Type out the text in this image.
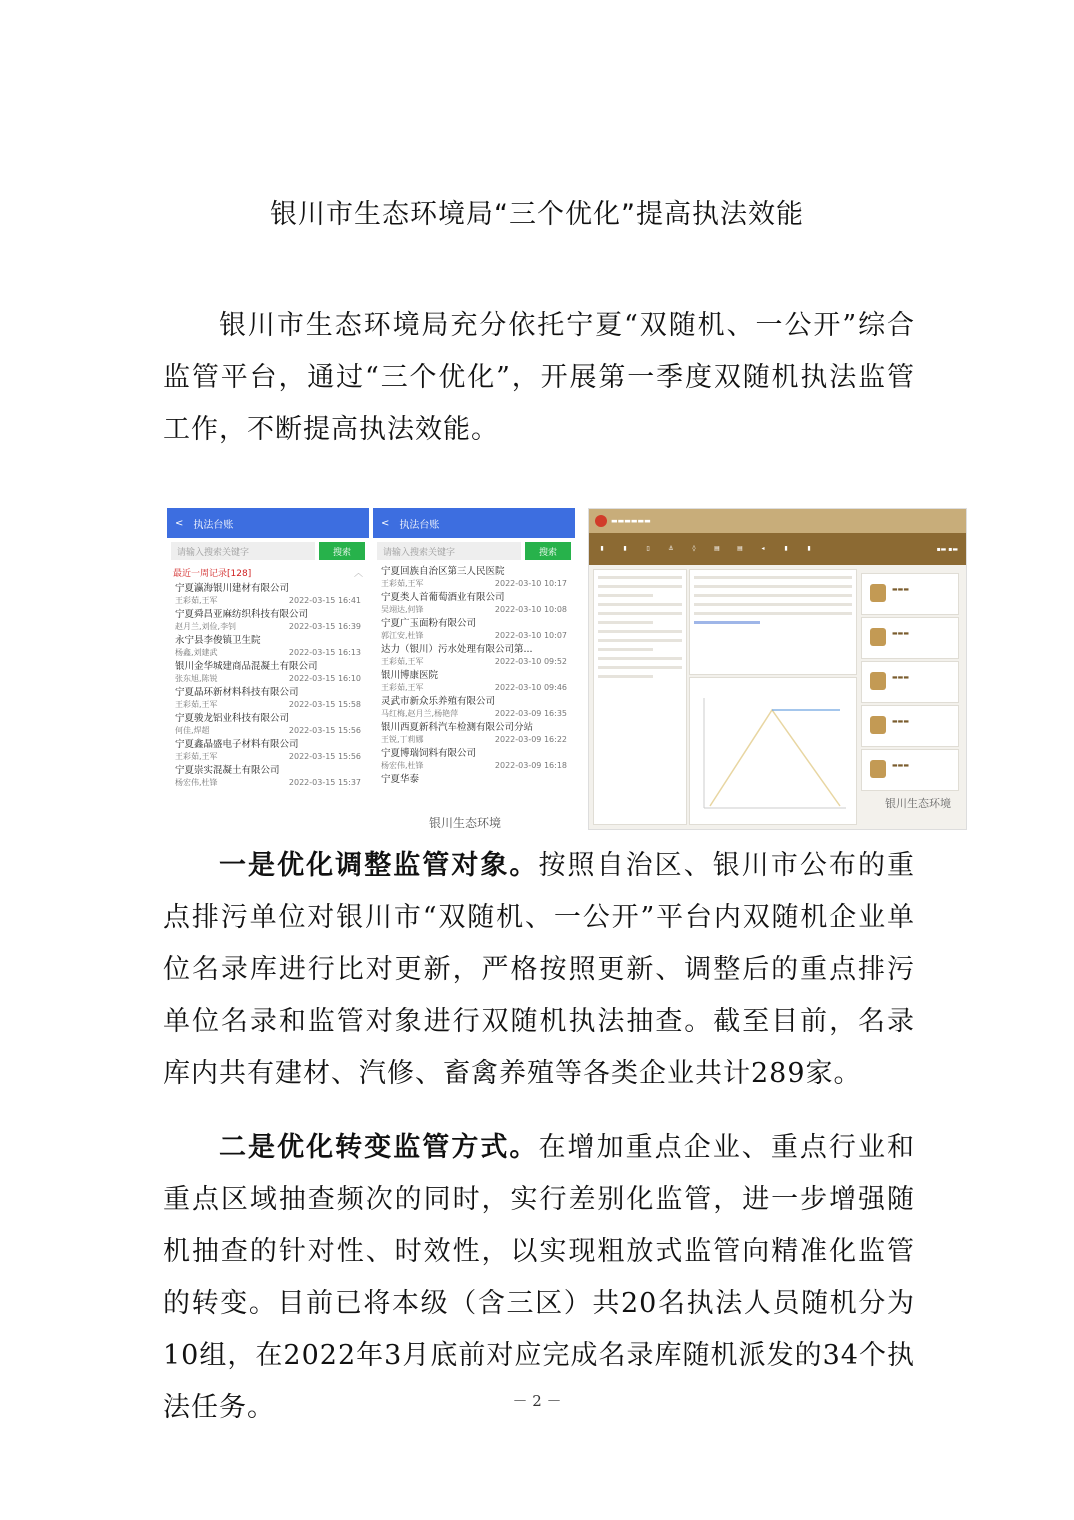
银川市生态环境局“三个优化”提高执法效能

银川市生态环境局充分依托宁夏“双随机、一公开”综合监管平台，通过“三个优化”，开展第一季度双随机执法监管工作，不断提高执法效能。

< 执法台账
请输入搜索关键字	搜索
最近一周记录[128]	︿
宁夏瀛海银川建材有限公司
王彩茹,王军	2022-03-15 16:41
宁夏舜昌亚麻纺织科技有限公司
赵月兰,刘俭,李钊	2022-03-15 16:39
永宁县李俊镇卫生院
杨鑫,刘建武	2022-03-15 16:13
银川金华城建商品混凝土有限公司
张东旭,陈锐	2022-03-15 16:10
宁夏晶环新材料科技有限公司
王彩茹,王军	2022-03-15 15:58
宁夏骏龙铝业科技有限公司
何佳,焊超	2022-03-15 15:56
宁夏鑫晶盛电子材料有限公司
王彩茹,王军	2022-03-15 15:56
宁夏崇实混凝土有限公司
杨宏伟,杜锋	2022-03-15 15:37
< 执法台账
请输入搜索关键字	搜索
宁夏回族自治区第三人民医院
王彩茹,王军	2022-03-10 10:17
宁夏类人首葡萄酒业有限公司
吴翊达,何锋	2022-03-10 10:08
宁夏广玉面粉有限公司
郭江安,杜锋	2022-03-10 10:07
达力（银川）污水处理有限公司第...
王彩茹,王军	2022-03-10 09:52
银川博康医院
王彩茹,王军	2022-03-10 09:46
灵武市新众乐养殖有限公司
马红梅,赵月兰,杨艳萍	2022-03-09 16:35
银川西夏新科汽车检测有限公司分站
王锐,丁莉娜	2022-03-09 16:22
宁夏博瑞饲料有限公司
杨宏伟,杜锋	2022-03-09 16:18
宁夏华泰
银川生态环境
▬▬▬▬▬▬
▮	▮	▯	⚓	◊	▤	▤	◂	▮	▮	▪▬ ▪▬
▬▬▬
▬▬▬
▬▬▬
▬▬▬
▬▬▬
银川生态环境

一是优化调整监管对象。按照自治区、银川市公布的重点排污单位对银川市“双随机、一公开”平台内双随机企业单位名录库进行比对更新，严格按照更新、调整后的重点排污单位名录和监管对象进行双随机执法抽查。截至目前，名录库内共有建材、汽修、畜禽养殖等各类企业共计289家。

二是优化转变监管方式。在增加重点企业、重点行业和重点区域抽查频次的同时，实行差别化监管，进一步增强随机抽查的针对性、时效性，以实现粗放式监管向精准化监管的转变。目前已将本级（含三区）共20名执法人员随机分为10组，在2022年3月底前对应完成名录库随机派发的34个执法任务。	－ 2 －
